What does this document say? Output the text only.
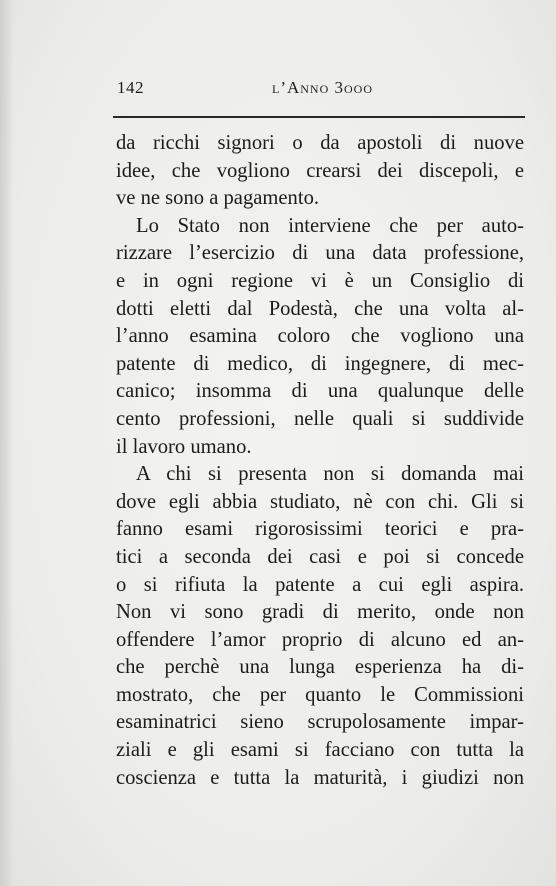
142	l’Anno 3ooo
da ricchi signori o da apostoli di nuove
idee, che vogliono crearsi dei discepoli, e
ve ne sono a pagamento.
Lo Stato non interviene che per auto-
rizzare l’esercizio di una data professione,
e in ogni regione vi è un Consiglio di
dotti eletti dal Podestà, che una volta al-
l’anno esamina coloro che vogliono una
patente di medico, di ingegnere, di mec-
canico; insomma di una qualunque delle
cento professioni, nelle quali si suddivide
il lavoro umano.
A chi si presenta non si domanda mai
dove egli abbia studiato, nè con chi. Gli si
fanno esami rigorosissimi teorici e pra-
tici a seconda dei casi e poi si concede
o si rifiuta la patente a cui egli aspira.
Non vi sono gradi di merito, onde non
offendere l’amor proprio di alcuno ed an-
che perchè una lunga esperienza ha di-
mostrato, che per quanto le Commissioni
esaminatrici sieno scrupolosamente impar-
ziali e gli esami si facciano con tutta la
coscienza e tutta la maturità, i giudizi non
